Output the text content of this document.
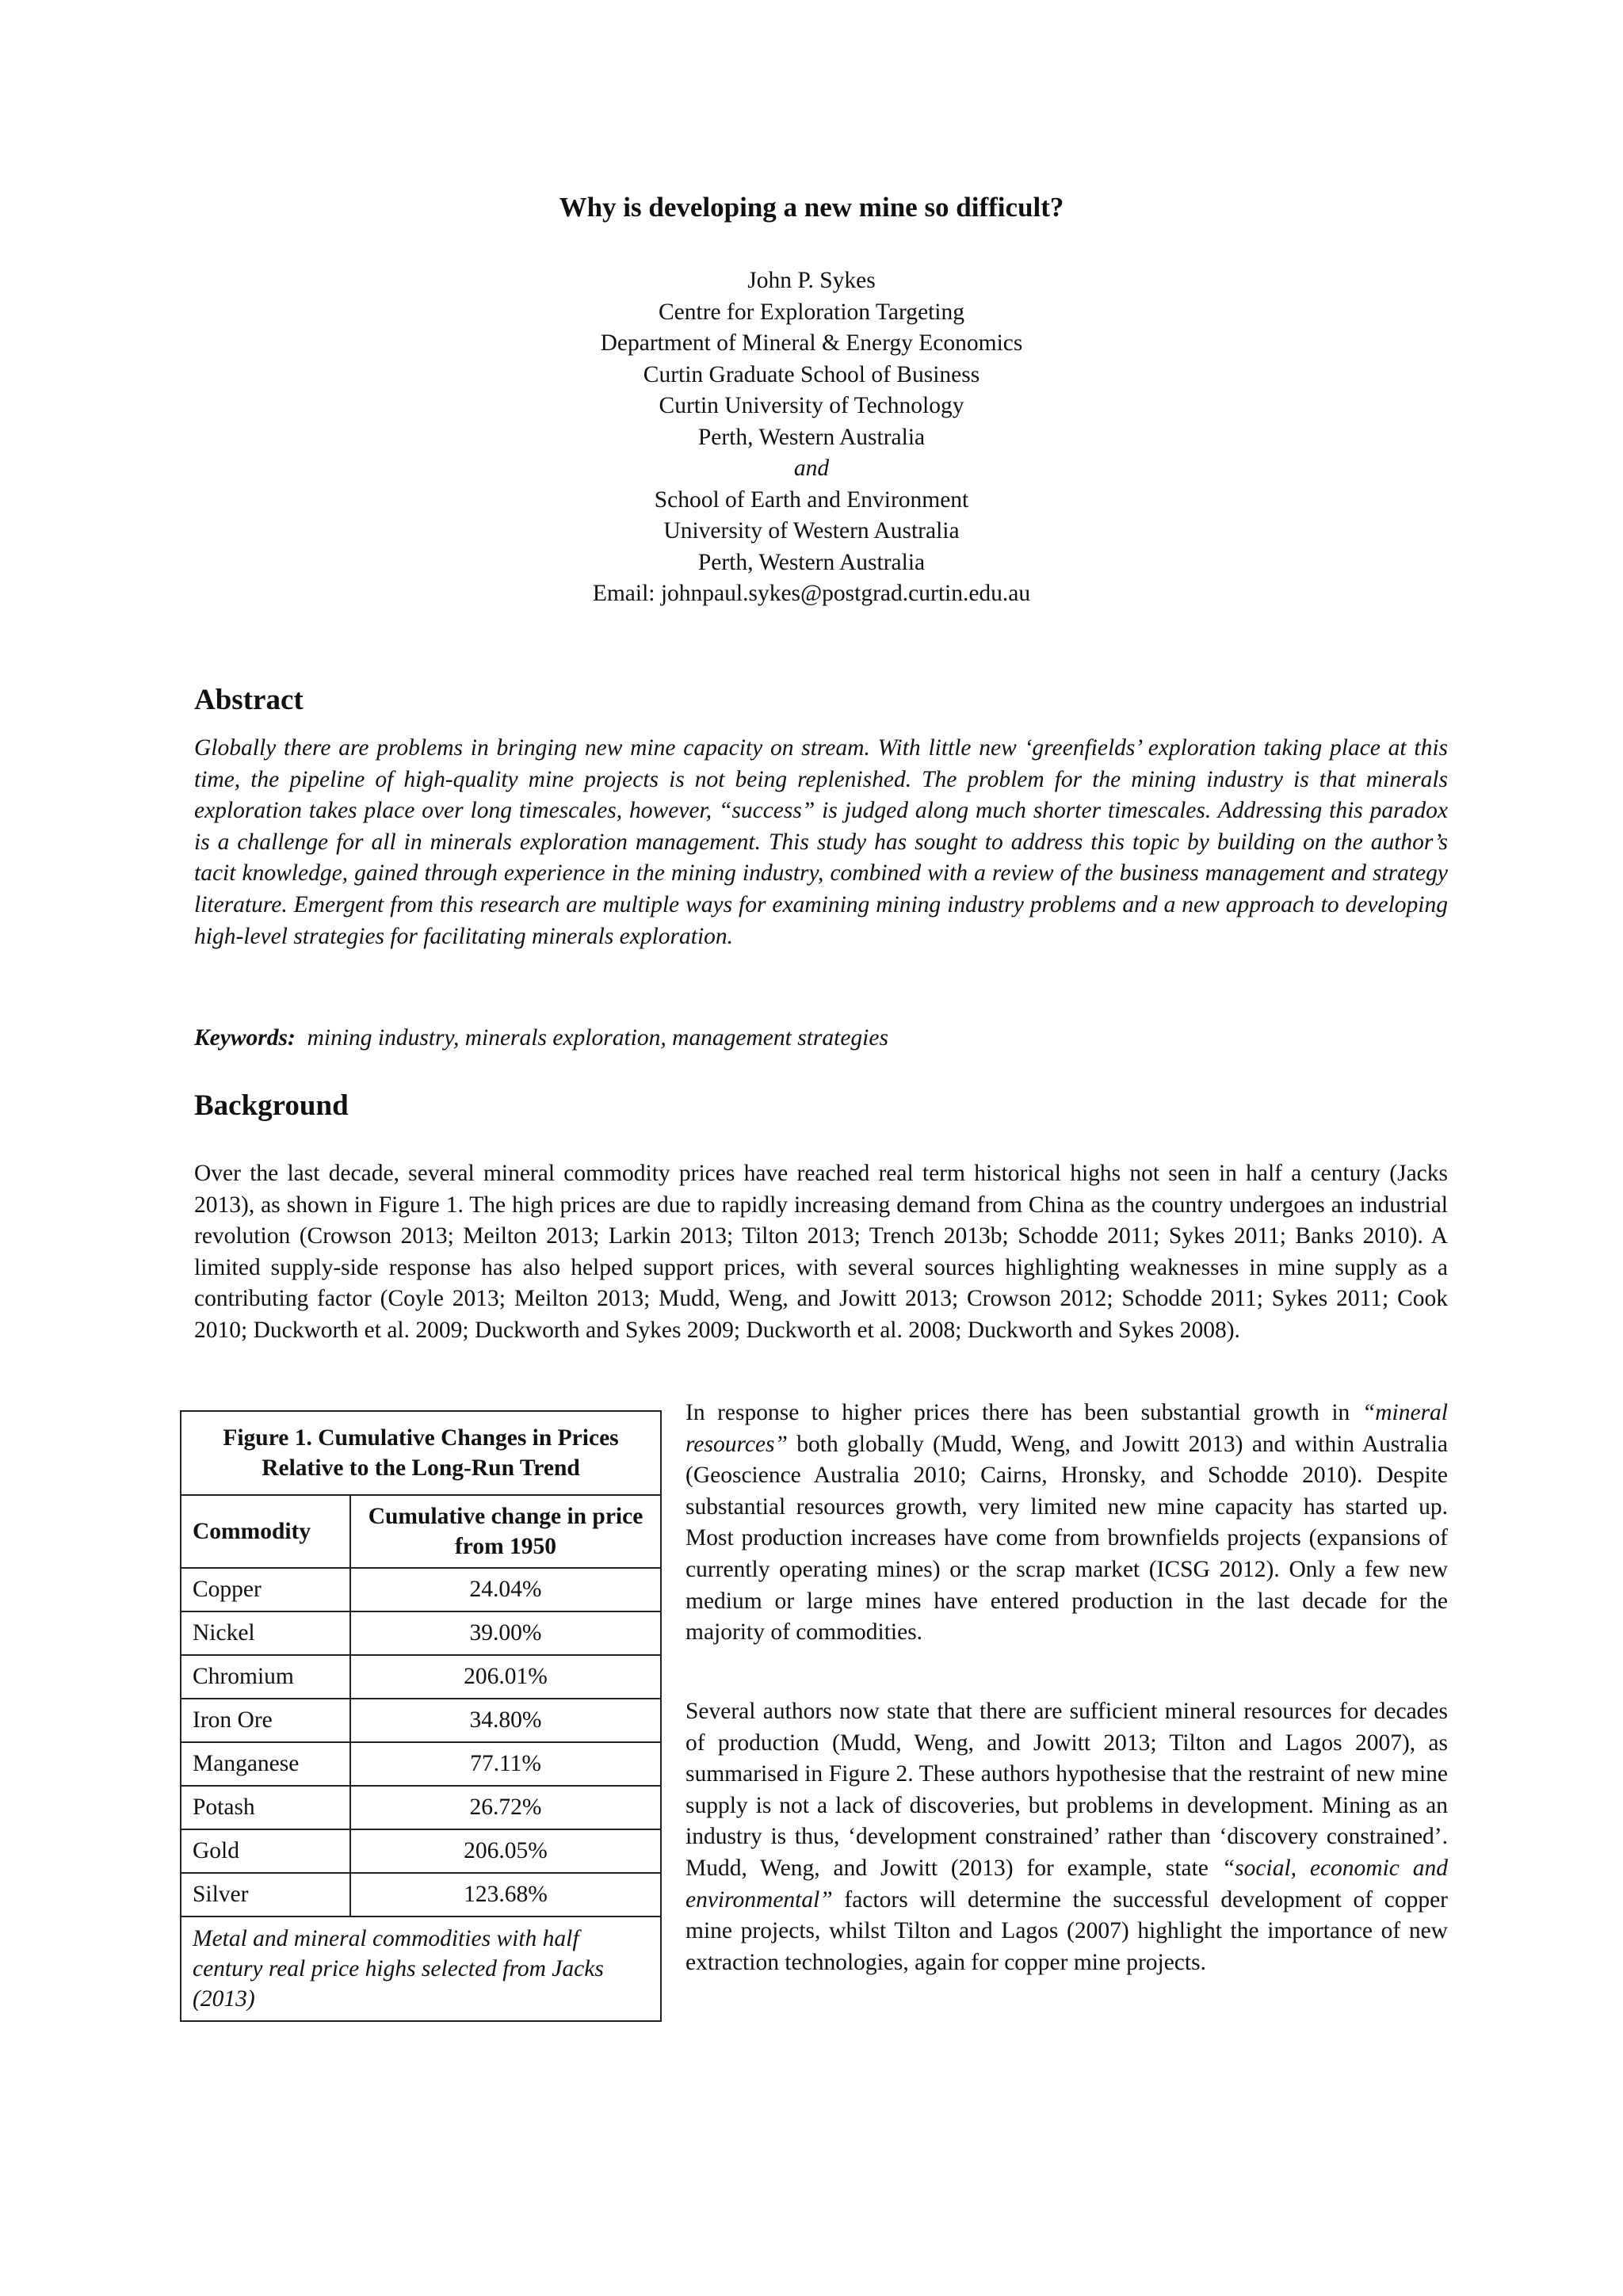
Why is developing a new mine so difficult?
John P. Sykes
Centre for Exploration Targeting
Department of Mineral & Energy Economics
Curtin Graduate School of Business
Curtin University of Technology
Perth, Western Australia
and
School of Earth and Environment
University of Western Australia
Perth, Western Australia
Email: johnpaul.sykes@postgrad.curtin.edu.au
Abstract
Globally there are problems in bringing new mine capacity on stream. With little new ‘greenfields’ exploration taking place at this time, the pipeline of high-quality mine projects is not being replenished. The problem for the mining industry is that minerals exploration takes place over long timescales, however, “success” is judged along much shorter timescales. Addressing this paradox is a challenge for all in minerals exploration management. This study has sought to address this topic by building on the author’s tacit knowledge, gained through experience in the mining industry, combined with a review of the business management and strategy literature. Emergent from this research are multiple ways for examining mining industry problems and a new approach to developing high-level strategies for facilitating minerals exploration.
Keywords: mining industry, minerals exploration, management strategies
Background
Over the last decade, several mineral commodity prices have reached real term historical highs not seen in half a century (Jacks 2013), as shown in Figure 1. The high prices are due to rapidly increasing demand from China as the country undergoes an industrial revolution (Crowson 2013; Meilton 2013; Larkin 2013; Tilton 2013; Trench 2013b; Schodde 2011; Sykes 2011; Banks 2010). A limited supply-side response has also helped support prices, with several sources highlighting weaknesses in mine supply as a contributing factor (Coyle 2013; Meilton 2013; Mudd, Weng, and Jowitt 2013; Crowson 2012; Schodde 2011; Sykes 2011; Cook 2010; Duckworth et al. 2009; Duckworth and Sykes 2009; Duckworth et al. 2008; Duckworth and Sykes 2008).
Figure 1. Cumulative Changes in Prices Relative to the Long-Run Trend	
Commodity	Cumulative change in price from 1950
Copper	24.04%
Nickel	39.00%
Chromium	206.01%
Iron Ore	34.80%
Manganese	77.11%
Potash	26.72%
Gold	206.05%
Silver	123.68%
Metal and mineral commodities with half century real price highs selected from Jacks (2013)	

In response to higher prices there has been substantial growth in “mineral resources” both globally (Mudd, Weng, and Jowitt 2013) and within Australia (Geoscience Australia 2010; Cairns, Hronsky, and Schodde 2010). Despite substantial resources growth, very limited new mine capacity has started up. Most production increases have come from brownfields projects (expansions of currently operating mines) or the scrap market (ICSG 2012). Only a few new medium or large mines have entered production in the last decade for the majority of commodities.

Several authors now state that there are sufficient mineral resources for decades of production (Mudd, Weng, and Jowitt 2013; Tilton and Lagos 2007), as summarised in Figure 2. These authors hypothesise that the restraint of new mine supply is not a lack of discoveries, but problems in development. Mining as an industry is thus, ‘development constrained’ rather than ‘discovery constrained’. Mudd, Weng, and Jowitt (2013) for example, state “social, economic and environmental” factors will determine the successful development of copper mine projects, whilst Tilton and Lagos (2007) highlight the importance of new extraction technologies, again for copper mine projects.
